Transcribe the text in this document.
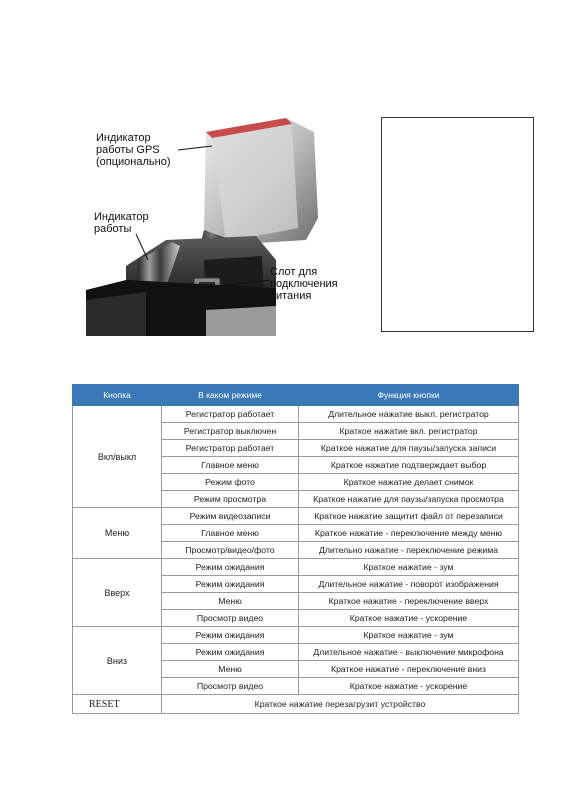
Индикатор
работы GPS
(опционально)
Индикатор
работы
Слот для
подключения
питания
Кнопка	В каком режиме	Функция кнопки
Вкл/выкл	Регистратор работает	Длительное нажатие выкл. регистратор
	Регистратор выключен	Краткое нажатие вкл. регистратор
	Регистратор работает	Краткое нажатие для паузы/запуска записи
	Главное меню	Краткое нажатие подтверждает выбор
	Режим фото	Краткое нажатие делает снимок
	Режим просмотра	Краткое нажатие для паузы/запуска просмотра
Меню	Режим видеозаписи	Краткое нажатие защитит файл от перезаписи
	Главное меню	Краткое нажатие - переключение между меню
	Просмотр/видео/фото	Длительно нажатие - переключение режима
Вверх	Режим ожидания	Краткое нажатие - зум
	Режим ожидания	Длительное нажатие - поворот изображения
	Меню	Краткое нажатие - переключение вверх
	Просмотр видео	Краткое нажатие - ускорение
Вниз	Режим ожидания	Краткое нажатие - зум
	Режим ожидания	Длительное нажатие - выключение микрофона
	Меню	Краткое нажатие - переключение вниз
	Просмотр видео	Краткое нажатие - ускорение
RESET	Краткое нажатие перезагрузит устройство	
